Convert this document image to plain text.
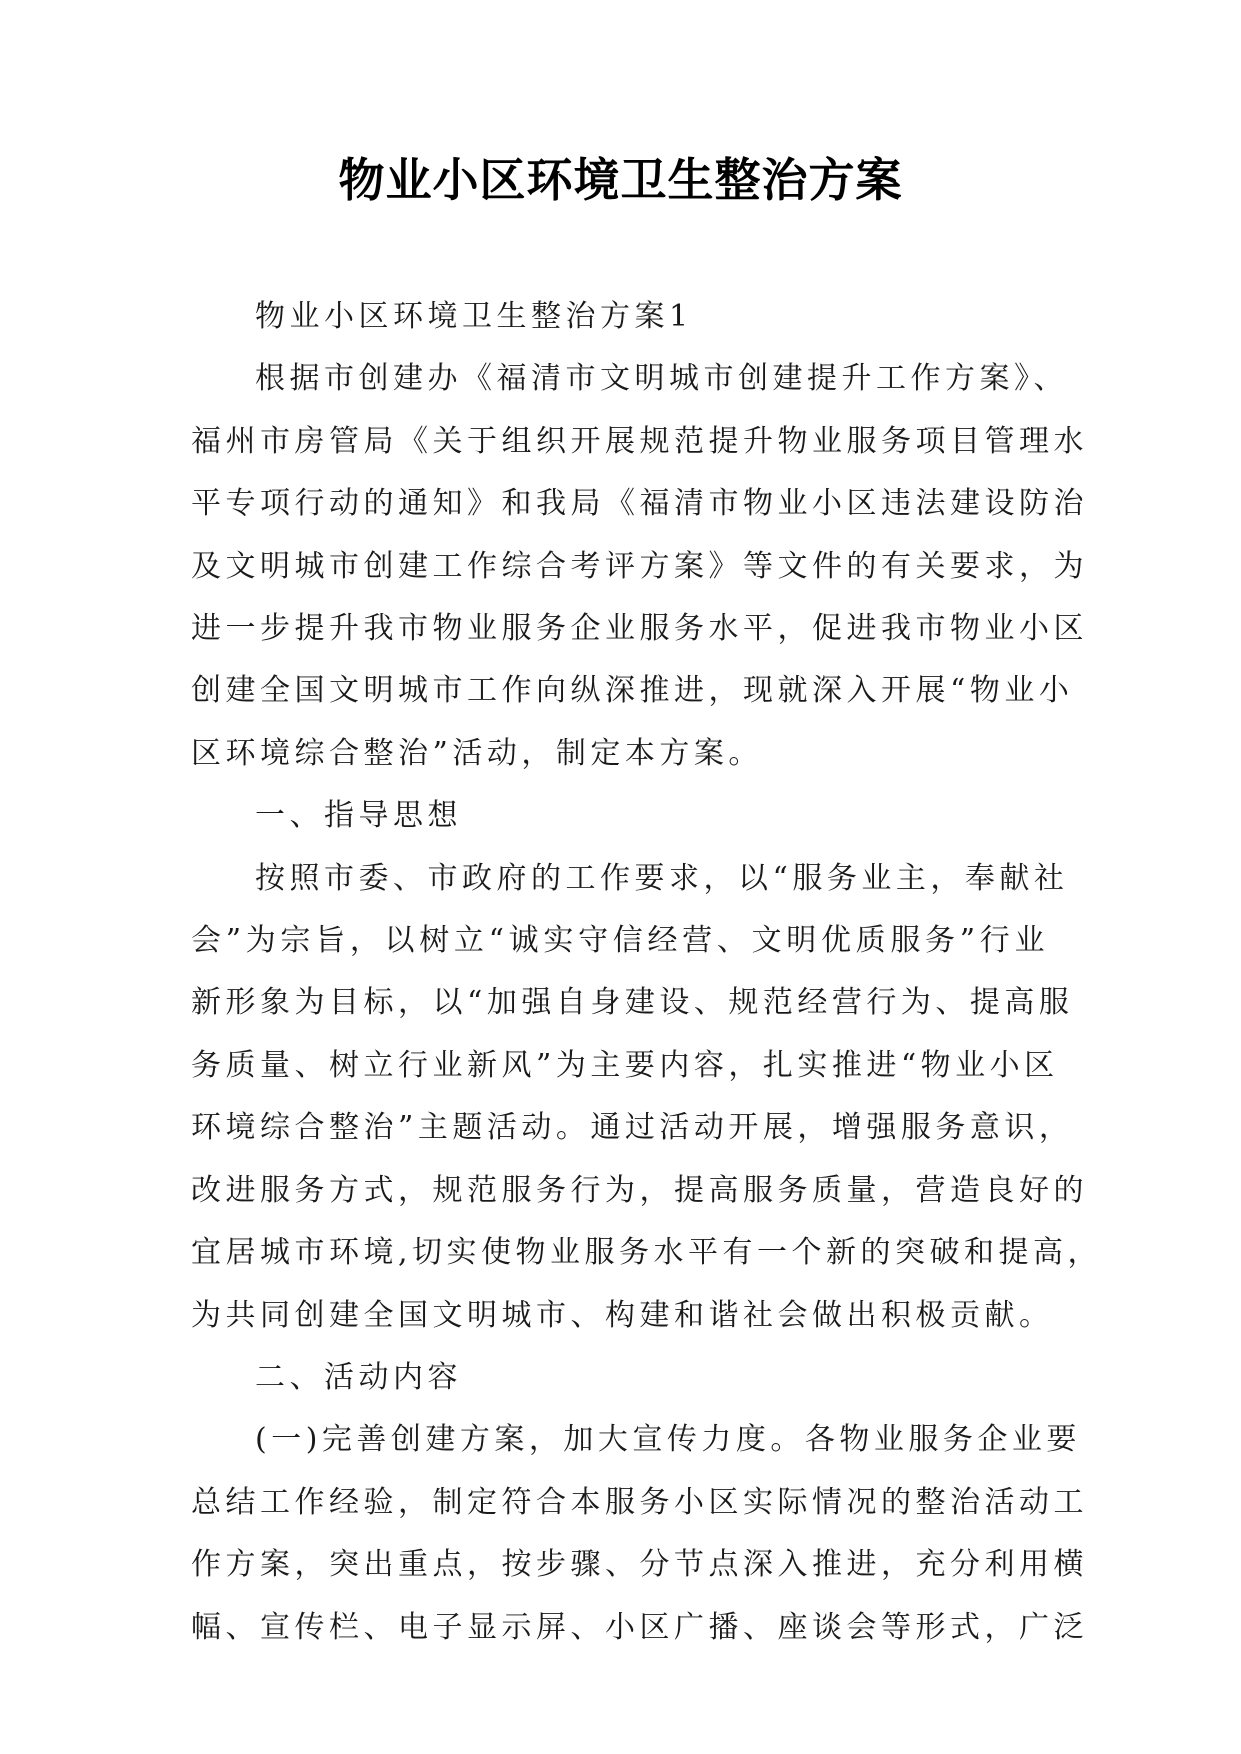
物业小区环境卫生整治方案
物业小区环境卫生整治方案1
根据市创建办《福清市文明城市创建提升工作方案》、
福州市房管局《关于组织开展规范提升物业服务项目管理水
平专项行动的通知》和我局《福清市物业小区违法建设防治
及文明城市创建工作综合考评方案》等文件的有关要求，为
进一步提升我市物业服务企业服务水平，促进我市物业小区
创建全国文明城市工作向纵深推进，现就深入开展“物业小
区环境综合整治”活动，制定本方案。
一、指导思想
按照市委、市政府的工作要求，以“服务业主，奉献社
会”为宗旨，以树立“诚实守信经营、文明优质服务”行业
新形象为目标，以“加强自身建设、规范经营行为、提高服
务质量、树立行业新风”为主要内容，扎实推进“物业小区
环境综合整治”主题活动。通过活动开展，增强服务意识，
改进服务方式，规范服务行为，提高服务质量，营造良好的
宜居城市环境,切实使物业服务水平有一个新的突破和提高，
为共同创建全国文明城市、构建和谐社会做出积极贡献。
二、活动内容
(一)完善创建方案，加大宣传力度。各物业服务企业要
总结工作经验，制定符合本服务小区实际情况的整治活动工
作方案，突出重点，按步骤、分节点深入推进，充分利用横
幅、宣传栏、电子显示屏、小区广播、座谈会等形式，广泛
